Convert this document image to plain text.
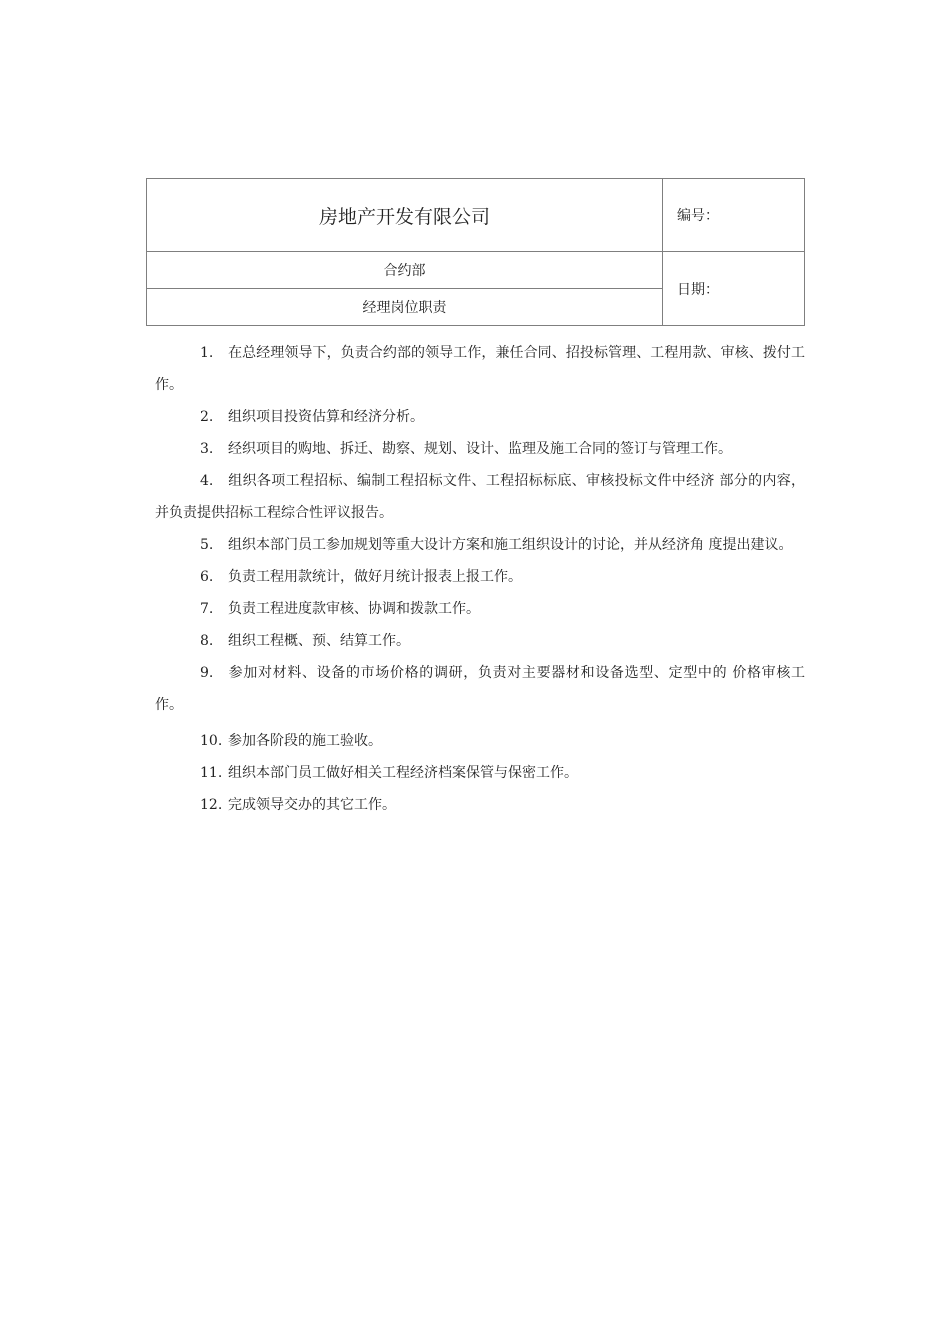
房地产开发有限公司	编号：
合约部	日期：
经理岗位职责	
1. 在总经理领导下，负责合约部的领导工作，兼任合同、招投标管理、工程用款、审核、拨付工作。
2. 组织项目投资估算和经济分析。
3. 经织项目的购地、拆迁、勘察、规划、设计、监理及施工合同的签订与管理工作。
4. 组织各项工程招标、编制工程招标文件、工程招标标底、审核投标文件中经济 部分的内容，并负责提供招标工程综合性评议报告。
5. 组织本部门员工参加规划等重大设计方案和施工组织设计的讨论，并从经济角 度提出建议。
6. 负责工程用款统计，做好月统计报表上报工作。
7. 负责工程进度款审核、协调和拨款工作。
8. 组织工程概、预、结算工作。
9. 参加对材料、设备的市场价格的调研，负责对主要器材和设备选型、定型中的 价格审核工作。
10. 参加各阶段的施工验收。
11. 组织本部门员工做好相关工程经济档案保管与保密工作。
12. 完成领导交办的其它工作。
